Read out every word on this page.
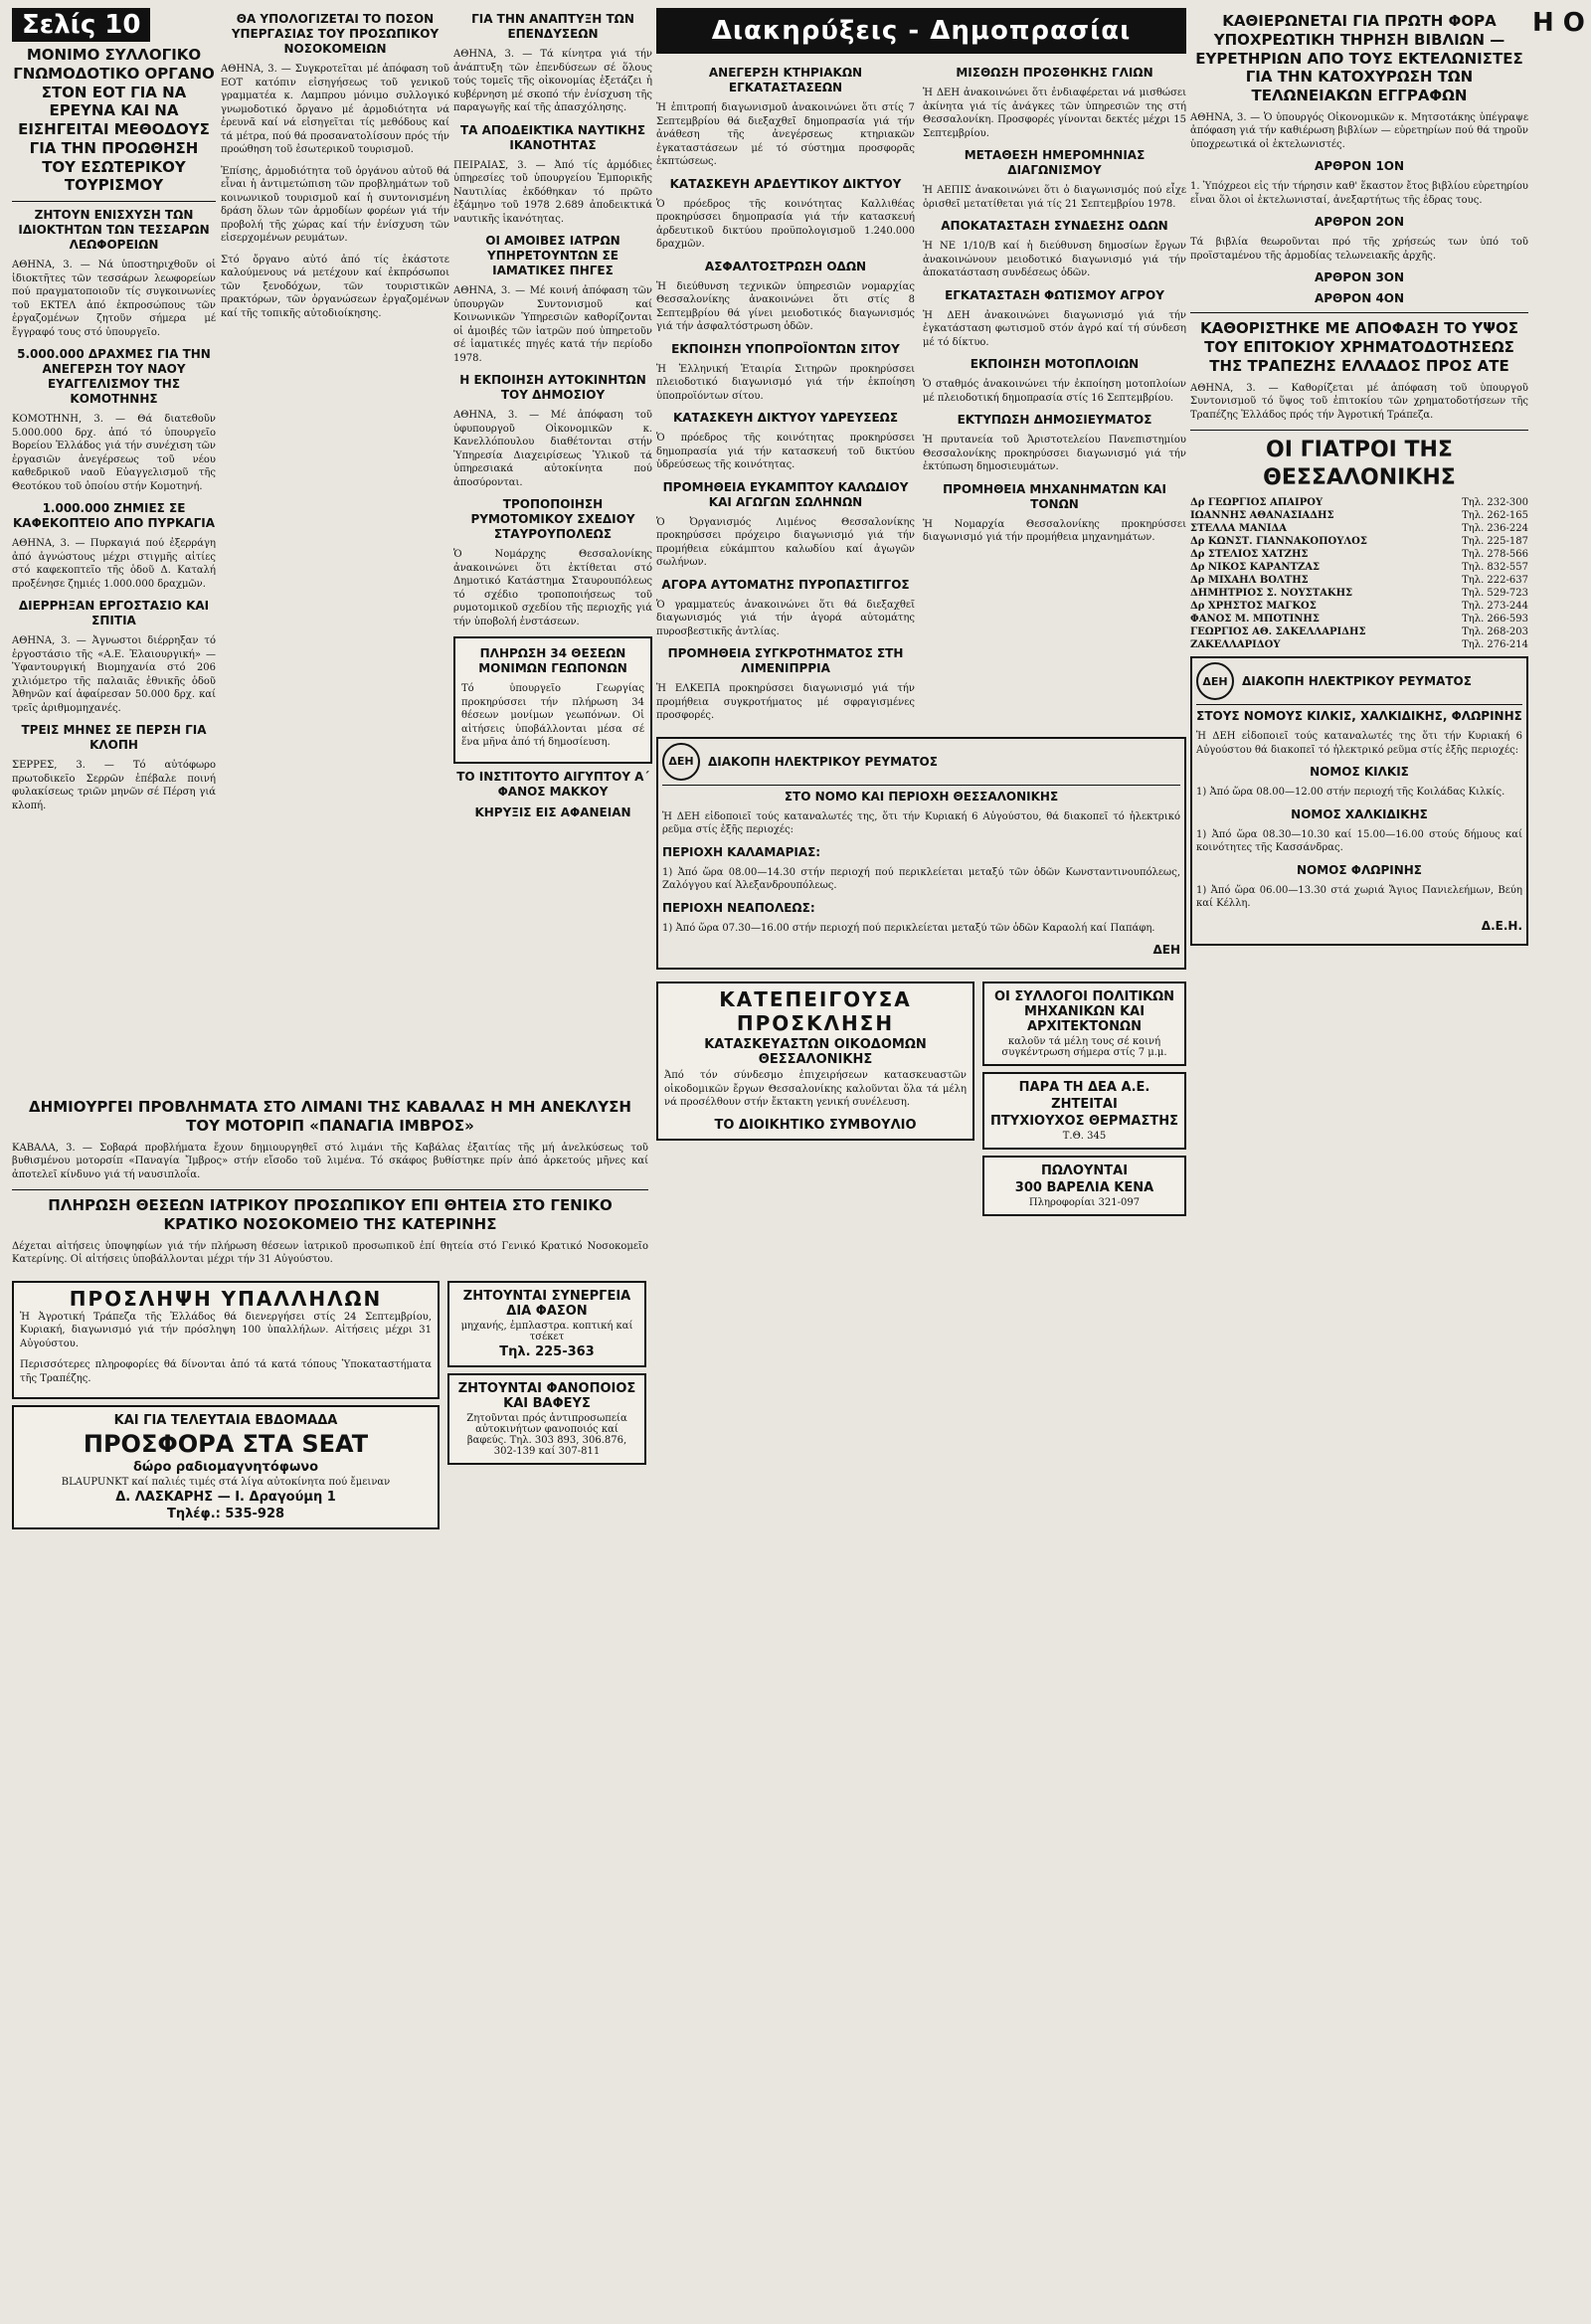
Σελίς 10
ΜΟΝΙΜΟ ΣΥΛΛΟΓΙΚΟ ΓΝΩΜΟΔΟΤΙΚΟ ΟΡΓΑΝΟ ΣΤΟΝ ΕΟΤ ΓΙΑ ΝΑ ΕΡΕΥΝΑ ΚΑΙ ΝΑ ΕΙΣΗΓΕΙΤΑΙ ΜΕΘΟΔΟΥΣ ΓΙΑ ΤΗΝ ΠΡΟΩΘΗΣΗ ΤΟΥ ΕΣΩΤΕΡΙΚΟΥ ΤΟΥΡΙΣΜΟΥ
ΖΗΤΟΥΝ ΕΝΙΣΧΥΣΗ ΤΩΝ ΙΔΙΟΚΤΗΤΩΝ ΤΩΝ ΤΕΣΣΑΡΩΝ ΛΕΩΦΟΡΕΙΩΝ

ΑΘΗΝΑ, 3. — Νά ὑποστηριχθοῦν οἱ ἰδιοκτῆτες τῶν τεσσάρων λεωφορείων πού πραγματοποιοῦν τίς συγκοινωνίες τοῦ ΕΚΤΕΛ ἀπό ἐκπροσώπους τῶν ἐργαζομένων ζητοῦν σήμερα μέ ἔγγραφό τους στό ὑπουργεῖο.

5.000.000 ΔΡΑΧΜΕΣ ΓΙΑ ΤΗΝ ΑΝΕΓΕΡΣΗ ΤΟΥ ΝΑΟΥ ΕΥΑΓΓΕΛΙΣΜΟΥ ΤΗΣ ΚΟΜΟΤΗΝΗΣ

ΚΟΜΟΤΗΝΗ, 3. — Θά διατεθοῦν 5.000.000 δρχ. ἀπό τό ὑπουργεῖο Βορείου Ἑλλάδος γιά τήν συνέχιση τῶν ἐργασιῶν ἀνεγέρσεως τοῦ νέου καθεδρικοῦ ναοῦ Εὐαγγελισμοῦ τῆς Θεοτόκου τοῦ ὁποίου στήν Κομοτηνή.

1.000.000 ΖΗΜΙΕΣ ΣΕ ΚΑΦΕΚΟΠΤΕΙΟ ΑΠΟ ΠΥΡΚΑΓΙΑ

ΑΘΗΝΑ, 3. — Πυρκαγιά πού ἐξερράγη ἀπό ἀγνώστους μέχρι στιγμῆς αἰτίες στό καφεκοπτεῖο τῆς ὁδοῦ Δ. Καταλή προξένησε ζημιές 1.000.000 δραχμῶν.

ΔΙΕΡΡΗΞΑΝ ΕΡΓΟΣΤΑΣΙΟ ΚΑΙ ΣΠΙΤΙΑ

ΑΘΗΝΑ, 3. — Ἀγνωστοι διέρρηξαν τό ἐργοστάσιο τῆς «Α.Ε. Ἐλαιουργική» — Ὑφαντουργική Βιομηχανία στό 206 χιλιόμετρο τῆς παλαιᾶς ἐθνικῆς ὁδοῦ Ἀθηνῶν καί ἀφαίρεσαν 50.000 δρχ. καί τρεῖς ἀριθμομηχανές.

ΤΡΕΙΣ ΜΗΝΕΣ ΣΕ ΠΕΡΣΗ ΓΙΑ ΚΛΟΠΗ

ΣΕΡΡΕΣ, 3. — Τό αὐτόφωρο πρωτοδικεῖο Σερρῶν ἐπέβαλε ποινή φυλακίσεως τριῶν μηνῶν σέ Πέρση γιά κλοπή.

ΘΑ ΥΠΟΛΟΓΙΖΕΤΑΙ ΤΟ ΠΟΣΟΝ ΥΠΕΡΓΑΣΙΑΣ ΤΟΥ ΠΡΟΣΩΠΙΚΟΥ ΝΟΣΟΚΟΜΕΙΩΝ

ΑΘΗΝΑ, 3. — Συγκροτεῖται μέ ἀπόφαση τοῦ ΕΟΤ κατόπιν εἰσηγήσεως τοῦ γενικοῦ γραμματέα κ. Λαμπρου μόνιμο συλλογικό γνωμοδοτικό ὄργανο μέ ἀρμοδιότητα νά ἐρευνᾶ καί νά εἰσηγεῖται τίς μεθόδους καί τά μέτρα, πού θά προσανατολίσουν πρός τήν προώθηση τοῦ ἐσωτερικοῦ τουρισμοῦ.

Ἐπίσης, ἀρμοδιότητα τοῦ ὀργάνου αὐτοῦ θά εἶναι ἡ ἀντιμετώπιση τῶν προβλημάτων τοῦ κοινωνικοῦ τουρισμοῦ καί ἡ συντονισμένη δράση ὅλων τῶν ἀρμοδίων φορέων γιά τήν προβολή τῆς χώρας καί τήν ἐνίσχυση τῶν εἰσερχομένων ρευμάτων.

Στό ὄργανο αὐτό ἀπό τίς ἑκάστοτε καλούμενους νά μετέχουν καί ἐκπρόσωποι τῶν ξενοδόχων, τῶν τουριστικῶν πρακτόρων, τῶν ὀργανώσεων ἐργαζομένων καί τῆς τοπικῆς αὐτοδιοίκησης.

ΓΙΑ ΤΗΝ ΑΝΑΠΤΥΞΗ ΤΩΝ ΕΠΕΝΔΥΣΕΩΝ

ΑΘΗΝΑ, 3. — Τά κίνητρα γιά τήν ἀνάπτυξη τῶν ἐπενδύσεων σέ ὅλους τούς τομεῖς τῆς οἰκονομίας ἐξετάζει ἡ κυβέρνηση μέ σκοπό τήν ἐνίσχυση τῆς παραγωγῆς καί τῆς ἀπασχόλησης.

ΤΑ ΑΠΟΔΕΙΚΤΙΚΑ ΝΑΥΤΙΚΗΣ ΙΚΑΝΟΤΗΤΑΣ

ΠΕΙΡΑΙΑΣ, 3. — Ἀπό τίς ἁρμόδιες ὑπηρεσίες τοῦ ὑπουργείου Ἐμπορικῆς Ναυτιλίας ἐκδόθηκαν τό πρῶτο ἑξάμηνο τοῦ 1978 2.689 ἀποδεικτικά ναυτικῆς ἱκανότητας.

ΟΙ ΑΜΟΙΒΕΣ ΙΑΤΡΩΝ ΥΠΗΡΕΤΟΥΝΤΩΝ ΣΕ ΙΑΜΑΤΙΚΕΣ ΠΗΓΕΣ

ΑΘΗΝΑ, 3. — Μέ κοινή ἀπόφαση τῶν ὑπουργῶν Συντονισμοῦ καί Κοινωνικῶν Ὑπηρεσιῶν καθορίζονται οἱ ἀμοιβές τῶν ἰατρῶν πού ὑπηρετοῦν σέ ἰαματικές πηγές κατά τήν περίοδο 1978.

Η ΕΚΠΟΙΗΣΗ ΑΥΤΟΚΙΝΗΤΩΝ ΤΟΥ ΔΗΜΟΣΙΟΥ

ΑΘΗΝΑ, 3. — Μέ ἀπόφαση τοῦ ὑφυπουργοῦ Οἰκονομικῶν κ. Κανελλόπουλου διαθέτονται στήν Ὑπηρεσία Διαχειρίσεως Ὑλικοῦ τά ὑπηρεσιακά αὐτοκίνητα πού ἀποσύρονται.

ΤΡΟΠΟΠΟΙΗΣΗ ΡΥΜΟΤΟΜΙΚΟΥ ΣΧΕΔΙΟΥ ΣΤΑΥΡΟΥΠΟΛΕΩΣ

Ὁ Νομάρχης Θεσσαλονίκης ἀνακοινώνει ὅτι ἐκτίθεται στό Δημοτικό Κατάστημα Σταυρουπόλεως τό σχέδιο τροποποιήσεως τοῦ ρυμοτομικοῦ σχεδίου τῆς περιοχῆς γιά τήν ὑποβολή ἐνστάσεων.

ΠΛΗΡΩΣΗ 34 ΘΕΣΕΩΝ ΜΟΝΙΜΩΝ ΓΕΩΠΟΝΩΝ

Τό ὑπουργεῖο Γεωργίας προκηρύσσει τήν πλήρωση 34 θέσεων μονίμων γεωπόνων. Οἱ αἰτήσεις ὑποβάλλονται μέσα σέ ἕνα μῆνα ἀπό τή δημοσίευση.

ΤΟ ΙΝΣΤΙΤΟΥΤΟ ΑΙΓΥΠΤΟΥ Α΄ ΦΑΝΟΣ ΜΑΚΚΟΥ
ΚΗΡΥΞΙΣ ΕΙΣ ΑΦΑΝΕΙΑΝ
ΔΗΜΙΟΥΡΓΕΙ ΠΡΟΒΛΗΜΑΤΑ ΣΤΟ ΛΙΜΑΝΙ ΤΗΣ ΚΑΒΑΛΑΣ Η ΜΗ ΑΝΕΚΛΥΣΗ ΤΟΥ ΜΟΤΟΡΙΠ «ΠΑΝΑΓΙΑ ΙΜΒΡΟΣ»

ΚΑΒΑΛΑ, 3. — Σοβαρά προβλήματα ἔχουν δημιουργηθεῖ στό λιμάνι τῆς Καβάλας ἐξαιτίας τῆς μή ἀνελκύσεως τοῦ βυθισμένου μοτορσίπ «Παναγία Ἴμβρος» στήν εἴσοδο τοῦ λιμένα. Τό σκάφος βυθίστηκε πρίν ἀπό ἀρκετούς μῆνες καί ἀποτελεῖ κίνδυνο γιά τή ναυσιπλοΐα.

ΠΛΗΡΩΣΗ ΘΕΣΕΩΝ ΙΑΤΡΙΚΟΥ ΠΡΟΣΩΠΙΚΟΥ ΕΠΙ ΘΗΤΕΙΑ ΣΤΟ ΓΕΝΙΚΟ ΚΡΑΤΙΚΟ ΝΟΣΟΚΟΜΕΙΟ ΤΗΣ ΚΑΤΕΡΙΝΗΣ

Δέχεται αἰτήσεις ὑποψηφίων γιά τήν πλήρωση θέσεων ἰατρικοῦ προσωπικοῦ ἐπί θητεία στό Γενικό Κρατικό Νοσοκομεῖο Κατερίνης. Οἱ αἰτήσεις ὑποβάλλονται μέχρι τήν 31 Αὐγούστου.

ΠΡΟΣΛΗΨΗ ΥΠΑΛΛΗΛΩΝ

Ἡ Ἀγροτική Τράπεζα τῆς Ἑλλάδος θά διενεργήσει στίς 24 Σεπτεμβρίου, Κυριακή, διαγωνισμό γιά τήν πρόσληψη 100 ὑπαλλήλων. Αἰτήσεις μέχρι 31 Αὐγούστου.

Περισσότερες πληροφορίες θά δίνονται ἀπό τά κατά τόπους Ὑποκαταστήματα τῆς Τραπέζης.

ΚΑΙ ΓΙΑ ΤΕΛΕΥΤΑΙΑ ΕΒΔΟΜΑΔΑ
ΠΡΟΣΦΟΡΑ ΣΤΑ SEAT
δώρο ραδιομαγνητόφωνο
BLAUPUNKT καί παλιές τιμές στά λίγα αὐτοκίνητα πού ἔμειναν
Δ. ΛΑΣΚΑΡΗΣ — Ι. Δραγούμη 1
Τηλέφ.: 535-928
ΖΗΤΟΥΝΤΑΙ ΣΥΝΕΡΓΕΙΑ ΔΙΑ ΦΑΣΟΝ
μηχανής, ἐμπλαστρα. κοπτική καί τσέκετ
Τηλ. 225-363
ΖΗΤΟΥΝΤΑΙ ΦΑΝΟΠΟΙΟΣ ΚΑΙ ΒΑΦΕΥΣ
Ζητοῦνται πρός ἀντιπροσωπεία αὐτοκινήτων φανοποιός καί βαφεύς. Τηλ. 303 893, 306.876, 302-139 καί 307-811
Διακηρύξεις - Δημοπρασίαι
ΑΝΕΓΕΡΣΗ ΚΤΗΡΙΑΚΩΝ ΕΓΚΑΤΑΣΤΑΣΕΩΝ

Ἡ ἐπιτροπή διαγωνισμοῦ ἀνακοινώνει ὅτι στίς 7 Σεπτεμβρίου θά διεξαχθεῖ δημοπρασία γιά τήν ἀνάθεση τῆς ἀνεγέρσεως κτηριακῶν ἐγκαταστάσεων μέ τό σύστημα προσφορᾶς ἐκπτώσεως.

ΚΑΤΑΣΚΕΥΗ ΑΡΔΕΥΤΙΚΟΥ ΔΙΚΤΥΟΥ

Ὁ πρόεδρος τῆς κοινότητας Καλλιθέας προκηρύσσει δημοπρασία γιά τήν κατασκευή ἀρδευτικοῦ δικτύου προϋπολογισμοῦ 1.240.000 δραχμῶν.

ΑΣΦΑΛΤΟΣΤΡΩΣΗ ΟΔΩΝ

Ἡ διεύθυνση τεχνικῶν ὑπηρεσιῶν νομαρχίας Θεσσαλονίκης ἀνακοινώνει ὅτι στίς 8 Σεπτεμβρίου θά γίνει μειοδοτικός διαγωνισμός γιά τήν ἀσφαλτόστρωση ὁδῶν.

ΕΚΠΟΙΗΣΗ ΥΠΟΠΡΟΪΟΝΤΩΝ ΣΙΤΟΥ

Ἡ Ἑλληνική Ἑταιρία Σιτηρῶν προκηρύσσει πλειοδοτικό διαγωνισμό γιά τήν ἐκποίηση ὑποπροϊόντων σίτου.

ΚΑΤΑΣΚΕΥΗ ΔΙΚΤΥΟΥ ΥΔΡΕΥΣΕΩΣ

Ὁ πρόεδρος τῆς κοινότητας προκηρύσσει δημοπρασία γιά τήν κατασκευή τοῦ δικτύου ὑδρεύσεως τῆς κοινότητας.

ΠΡΟΜΗΘΕΙΑ ΕΥΚΑΜΠΤΟΥ ΚΑΛΩΔΙΟΥ ΚΑΙ ΑΓΩΓΩΝ ΣΩΛΗΝΩΝ

Ὁ Ὀργανισμός Λιμένος Θεσσαλονίκης προκηρύσσει πρόχειρο διαγωνισμό γιά τήν προμήθεια εὐκάμπτου καλωδίου καί ἀγωγῶν σωλήνων.

ΑΓΟΡΑ ΑΥΤΟΜΑΤΗΣ ΠΥΡΟΠΑΣΤΙΓΓΟΣ

Ὁ γραμματεύς ἀνακοινώνει ὅτι θά διεξαχθεῖ διαγωνισμός γιά τήν ἀγορά αὐτομάτης πυροσβεστικῆς ἀντλίας.

ΠΡΟΜΗΘΕΙΑ ΣΥΓΚΡΟΤΗΜΑΤΟΣ ΣΤΗ ΛΙΜΕΝΙΠΡΡΙΑ

Ἡ ΕΛΚΕΠΑ προκηρύσσει διαγωνισμό γιά τήν προμήθεια συγκροτήματος μέ σφραγισμένες προσφορές.

ΜΙΣΘΩΣΗ ΠΡΟΣΘΗΚΗΣ ΓΛΙΩΝ

Ἡ ΔΕΗ ἀνακοινώνει ὅτι ἐνδιαφέρεται νά μισθώσει ἀκίνητα γιά τίς ἀνάγκες τῶν ὑπηρεσιῶν της στή Θεσσαλονίκη. Προσφορές γίνονται δεκτές μέχρι 15 Σεπτεμβρίου.

ΜΕΤΑΘΕΣΗ ΗΜΕΡΟΜΗΝΙΑΣ ΔΙΑΓΩΝΙΣΜΟΥ

Ἡ ΑΕΠΙΣ ἀνακοινώνει ὅτι ὁ διαγωνισμός πού εἶχε ὁρισθεῖ μετατίθεται γιά τίς 21 Σεπτεμβρίου 1978.

ΑΠΟΚΑΤΑΣΤΑΣΗ ΣΥΝΔΕΣΗΣ ΟΔΩΝ

Ἡ ΝΕ 1/10/Β καί ἡ διεύθυνση δημοσίων ἔργων ἀνακοινώνουν μειοδοτικό διαγωνισμό γιά τήν ἀποκατάσταση συνδέσεως ὁδῶν.

ΕΓΚΑΤΑΣΤΑΣΗ ΦΩΤΙΣΜΟΥ ΑΓΡΟΥ

Ἡ ΔΕΗ ἀνακοινώνει διαγωνισμό γιά τήν ἐγκατάσταση φωτισμοῦ στόν ἀγρό καί τή σύνδεση μέ τό δίκτυο.

ΕΚΠΟΙΗΣΗ ΜΟΤΟΠΛΟΙΩΝ

Ὁ σταθμός ἀνακοινώνει τήν ἐκποίηση μοτοπλοίων μέ πλειοδοτική δημοπρασία στίς 16 Σεπτεμβρίου.

ΕΚΤΥΠΩΣΗ ΔΗΜΟΣΙΕΥΜΑΤΟΣ

Ἡ πρυτανεία τοῦ Ἀριστοτελείου Πανεπιστημίου Θεσσαλονίκης προκηρύσσει διαγωνισμό γιά τήν ἐκτύπωση δημοσιευμάτων.

ΠΡΟΜΗΘΕΙΑ ΜΗΧΑΝΗΜΑΤΩΝ ΚΑΙ ΤΟΝΩΝ

Ἡ Νομαρχία Θεσσαλονίκης προκηρύσσει διαγωνισμό γιά τήν προμήθεια μηχανημάτων.

ΔΕΗ	ΔΙΑΚΟΠΗ ΗΛΕΚΤΡΙΚΟΥ ΡΕΥΜΑΤΟΣ
ΣΤΟ ΝΟΜΟ ΚΑΙ ΠΕΡΙΟΧΗ ΘΕΣΣΑΛΟΝΙΚΗΣ

Ἡ ΔΕΗ εἰδοποιεῖ τούς καταναλωτές της, ὅτι τήν Κυριακή 6 Αὐγούστου, θά διακοπεῖ τό ἠλεκτρικό ρεῦμα στίς ἑξῆς περιοχές:

ΠΕΡΙΟΧΗ ΚΑΛΑΜΑΡΙΑΣ:

1) Ἀπό ὥρα 08.00—14.30 στήν περιοχή πού περικλείεται μεταξύ τῶν ὁδῶν Κωνσταντινουπόλεως, Ζαλόγγου καί Ἀλεξανδρουπόλεως.

ΠΕΡΙΟΧΗ ΝΕΑΠΟΛΕΩΣ:

1) Ἀπό ὥρα 07.30—16.00 στήν περιοχή πού περικλείεται μεταξύ τῶν ὁδῶν Καραολή καί Παπάφη.

ΔΕΗ
ΚΑΤΕΠΕΙΓΟΥΣΑ ΠΡΟΣΚΛΗΣΗ
ΚΑΤΑΣΚΕΥΑΣΤΩΝ ΟΙΚΟΔΟΜΩΝ ΘΕΣΣΑΛΟΝΙΚΗΣ

Ἀπό τόν σύνδεσμο ἐπιχειρήσεων κατασκευαστῶν οἰκοδομικῶν ἔργων Θεσσαλονίκης καλοῦνται ὅλα τά μέλη νά προσέλθουν στήν ἔκτακτη γενική συνέλευση.

ΤΟ ΔΙΟΙΚΗΤΙΚΟ ΣΥΜΒΟΥΛΙΟ
ΟΙ ΣΥΛΛΟΓΟΙ ΠΟΛΙΤΙΚΩΝ ΜΗΧΑΝΙΚΩΝ ΚΑΙ ΑΡΧΙΤΕΚΤΟΝΩΝ
καλοῦν τά μέλη τους σέ κοινή συγκέντρωση σήμερα στίς 7 μ.μ.
ΠΑΡΑ ΤΗ ΔΕΑ Α.Ε.
ΖΗΤΕΙΤΑΙ
ΠΤΥΧΙΟΥΧΟΣ ΘΕΡΜΑΣΤΗΣ
Τ.Θ. 345
ΠΩΛΟΥΝΤΑΙ
300 ΒΑΡΕΛΙΑ ΚΕΝΑ
Πληροφορίαι 321-097
ΚΑΘΙΕΡΩΝΕΤΑΙ ΓΙΑ ΠΡΩΤΗ ΦΟΡΑ ΥΠΟΧΡΕΩΤΙΚΗ ΤΗΡΗΣΗ ΒΙΒΛΙΩΝ — ΕΥΡΕΤΗΡΙΩΝ ΑΠΟ ΤΟΥΣ ΕΚΤΕΛΩΝΙΣΤΕΣ ΓΙΑ ΤΗΝ ΚΑΤΟΧΥΡΩΣΗ ΤΩΝ ΤΕΛΩΝΕΙΑΚΩΝ ΕΓΓΡΑΦΩΝ

ΑΘΗΝΑ, 3. — Ὁ ὑπουργός Οἰκονομικῶν κ. Μητσοτάκης ὑπέγραψε ἀπόφαση γιά τήν καθιέρωση βιβλίων — εὑρετηρίων πού θά τηροῦν ὑποχρεωτικά οἱ ἐκτελωνιστές.

ΑΡΘΡΟΝ 1ΟΝ

1. Ὑπόχρεοι εἰς τήν τήρησιν καθ' ἕκαστον ἔτος βιβλίου εὑρετηρίου εἶναι ὅλοι οἱ ἐκτελωνισταί, ἀνεξαρτήτως τῆς ἐδρας τους.

ΑΡΘΡΟΝ 2ΟΝ

Τά βιβλία θεωροῦνται πρό τῆς χρήσεώς των ὑπό τοῦ προϊσταμένου τῆς ἁρμοδίας τελωνειακῆς ἀρχῆς.

ΑΡΘΡΟΝ 3ΟΝ
ΑΡΘΡΟΝ 4ΟΝ
ΚΑΘΟΡΙΣΤΗΚΕ ΜΕ ΑΠΟΦΑΣΗ ΤΟ ΥΨΟΣ ΤΟΥ ΕΠΙΤΟΚΙΟΥ ΧΡΗΜΑΤΟΔΟΤΗΣΕΩΣ ΤΗΣ ΤΡΑΠΕΖΗΣ ΕΛΛΑΔΟΣ ΠΡΟΣ ΑΤΕ

ΑΘΗΝΑ, 3. — Καθορίζεται μέ ἀπόφαση τοῦ ὑπουργοῦ Συντονισμοῦ τό ὕψος τοῦ ἐπιτοκίου τῶν χρηματοδοτήσεων τῆς Τραπέζης Ἑλλάδος πρός τήν Ἀγροτική Τράπεζα.

ΟΙ ΓΙΑΤΡΟΙ ΤΗΣ ΘΕΣΣΑΛΟΝΙΚΗΣ
Δρ ΓΕΩΡΓΙΟΣ ΑΠΑΙΡΟΥ	Τηλ. 232-300
ΙΩΑΝΝΗΣ ΑΘΑΝΑΣΙΑΔΗΣ	Τηλ. 262-165
ΣΤΕΛΛΑ ΜΑΝΙΔΑ	Τηλ. 236-224
Δρ ΚΩΝΣΤ. ΓΙΑΝΝΑΚΟΠΟΥΛΟΣ	Τηλ. 225-187
Δρ ΣΤΕΛΙΟΣ ΧΑΤΖΗΣ	Τηλ. 278-566
Δρ ΝΙΚΟΣ ΚΑΡΑΝΤΖΑΣ	Τηλ. 832-557
Δρ ΜΙΧΑΗΛ ΒΟΛΤΗΣ	Τηλ. 222-637
ΔΗΜΗΤΡΙΟΣ Σ. ΝΟΥΣΤΑΚΗΣ	Τηλ. 529-723
Δρ ΧΡΗΣΤΟΣ ΜΑΓΚΟΣ	Τηλ. 273-244
ΦΑΝΟΣ Μ. ΜΠΟΤΙΝΗΣ	Τηλ. 266-593
ΓΕΩΡΓΙΟΣ ΑΘ. ΣΑΚΕΛΛΑΡΙΔΗΣ	Τηλ. 268-203
ΖΑΚΕΛΛΑΡΙΔΟΥ	Τηλ. 276-214
ΔΕΗ	ΔΙΑΚΟΠΗ ΗΛΕΚΤΡΙΚΟΥ ΡΕΥΜΑΤΟΣ
ΣΤΟΥΣ ΝΟΜΟΥΣ ΚΙΛΚΙΣ, ΧΑΛΚΙΔΙΚΗΣ, ΦΛΩΡΙΝΗΣ

Ἡ ΔΕΗ εἰδοποιεῖ τούς καταναλωτές της ὅτι τήν Κυριακή 6 Αὐγούστου θά διακοπεῖ τό ἠλεκτρικό ρεῦμα στίς ἑξῆς περιοχές:

ΝΟΜΟΣ ΚΙΛΚΙΣ

1) Ἀπό ὥρα 08.00—12.00 στήν περιοχή τῆς Κοιλάδας Κιλκίς.

ΝΟΜΟΣ ΧΑΛΚΙΔΙΚΗΣ

1) Ἀπό ὥρα 08.30—10.30 καί 15.00—16.00 στούς δήμους καί κοινότητες τῆς Κασσάνδρας.

ΝΟΜΟΣ ΦΛΩΡΙΝΗΣ

1) Ἀπό ὥρα 06.00—13.30 στά χωριά Ἄγιος Πανιελεήμων, Βεύη καί Κέλλη.

Δ.Ε.Η.
Η Ο
